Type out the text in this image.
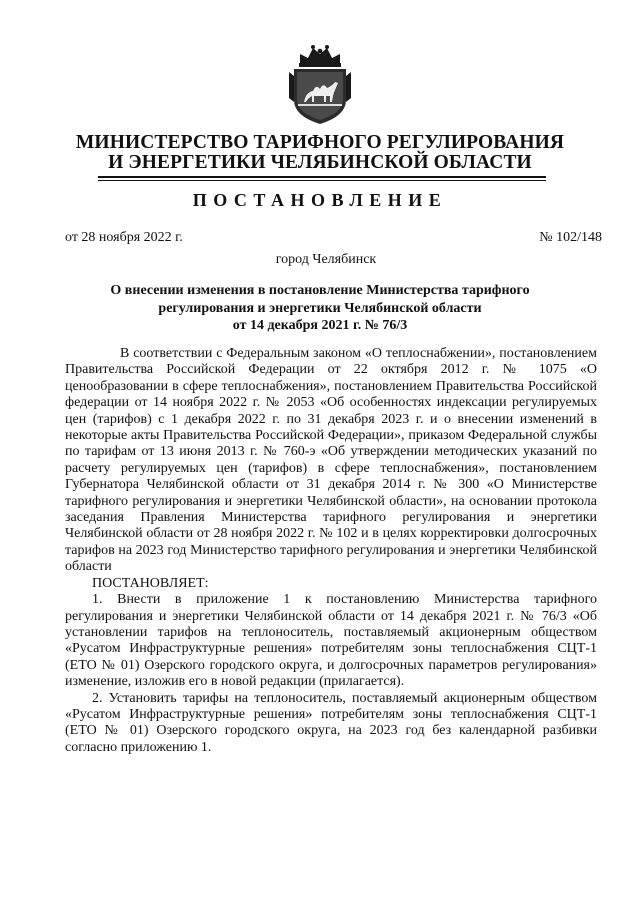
МИНИСТЕРСТВО ТАРИФНОГО РЕГУЛИРОВАНИЯ
И ЭНЕРГЕТИКИ ЧЕЛЯБИНСКОЙ ОБЛАСТИ
ПОСТАНОВЛЕНИЕ
от 28 ноября 2022 г.	№ 102/148
город Челябинск
О внесении изменения в постановление Министерства тарифного
регулирования и энергетики Челябинской области
от 14 декабря 2021 г. № 76/3

В соответствии с Федеральным законом «О теплоснабжении», постановлением Правительства Российской Федерации от 22 октября 2012 г. № 1075 «О ценообразовании в сфере теплоснабжения», постановлением Правительства Российской федерации от 14 ноября 2022 г. № 2053 «Об особенностях индексации регулируемых цен (тарифов) с 1 декабря 2022 г. по 31 декабря 2023 г. и о внесении изменений в некоторые акты Правительства Российской Федерации», приказом Федеральной службы по тарифам от 13 июня 2013 г. № 760-э «Об утверждении методических указаний по расчету регулируемых цен (тарифов) в сфере теплоснабжения», постановлением Губернатора Челябинской области от 31 декабря 2014 г. № 300 «О Министерстве тарифного регулирования и энергетики Челябинской области», на основании протокола заседания Правления Министерства тарифного регулирования и энергетики Челябинской области от 28 ноября 2022 г. № 102 и в целях корректировки долгосрочных тарифов на 2023 год Министерство тарифного регулирования и энергетики Челябинской области

ПОСТАНОВЛЯЕТ:

1. Внести в приложение 1 к постановлению Министерства тарифного регулирования и энергетики Челябинской области от 14 декабря 2021 г. № 76/3 «Об установлении тарифов на теплоноситель, поставляемый акционерным обществом «Русатом Инфраструктурные решения» потребителям зоны теплоснабжения СЦТ-1 (ЕТО № 01) Озерского городского округа, и долгосрочных параметров регулирования» изменение, изложив его в новой редакции (прилагается).

2. Установить тарифы на теплоноситель, поставляемый акционерным обществом «Русатом Инфраструктурные решения» потребителям зоны теплоснабжения СЦТ-1 (ЕТО № 01) Озерского городского округа, на 2023 год без календарной разбивки согласно приложению 1.
